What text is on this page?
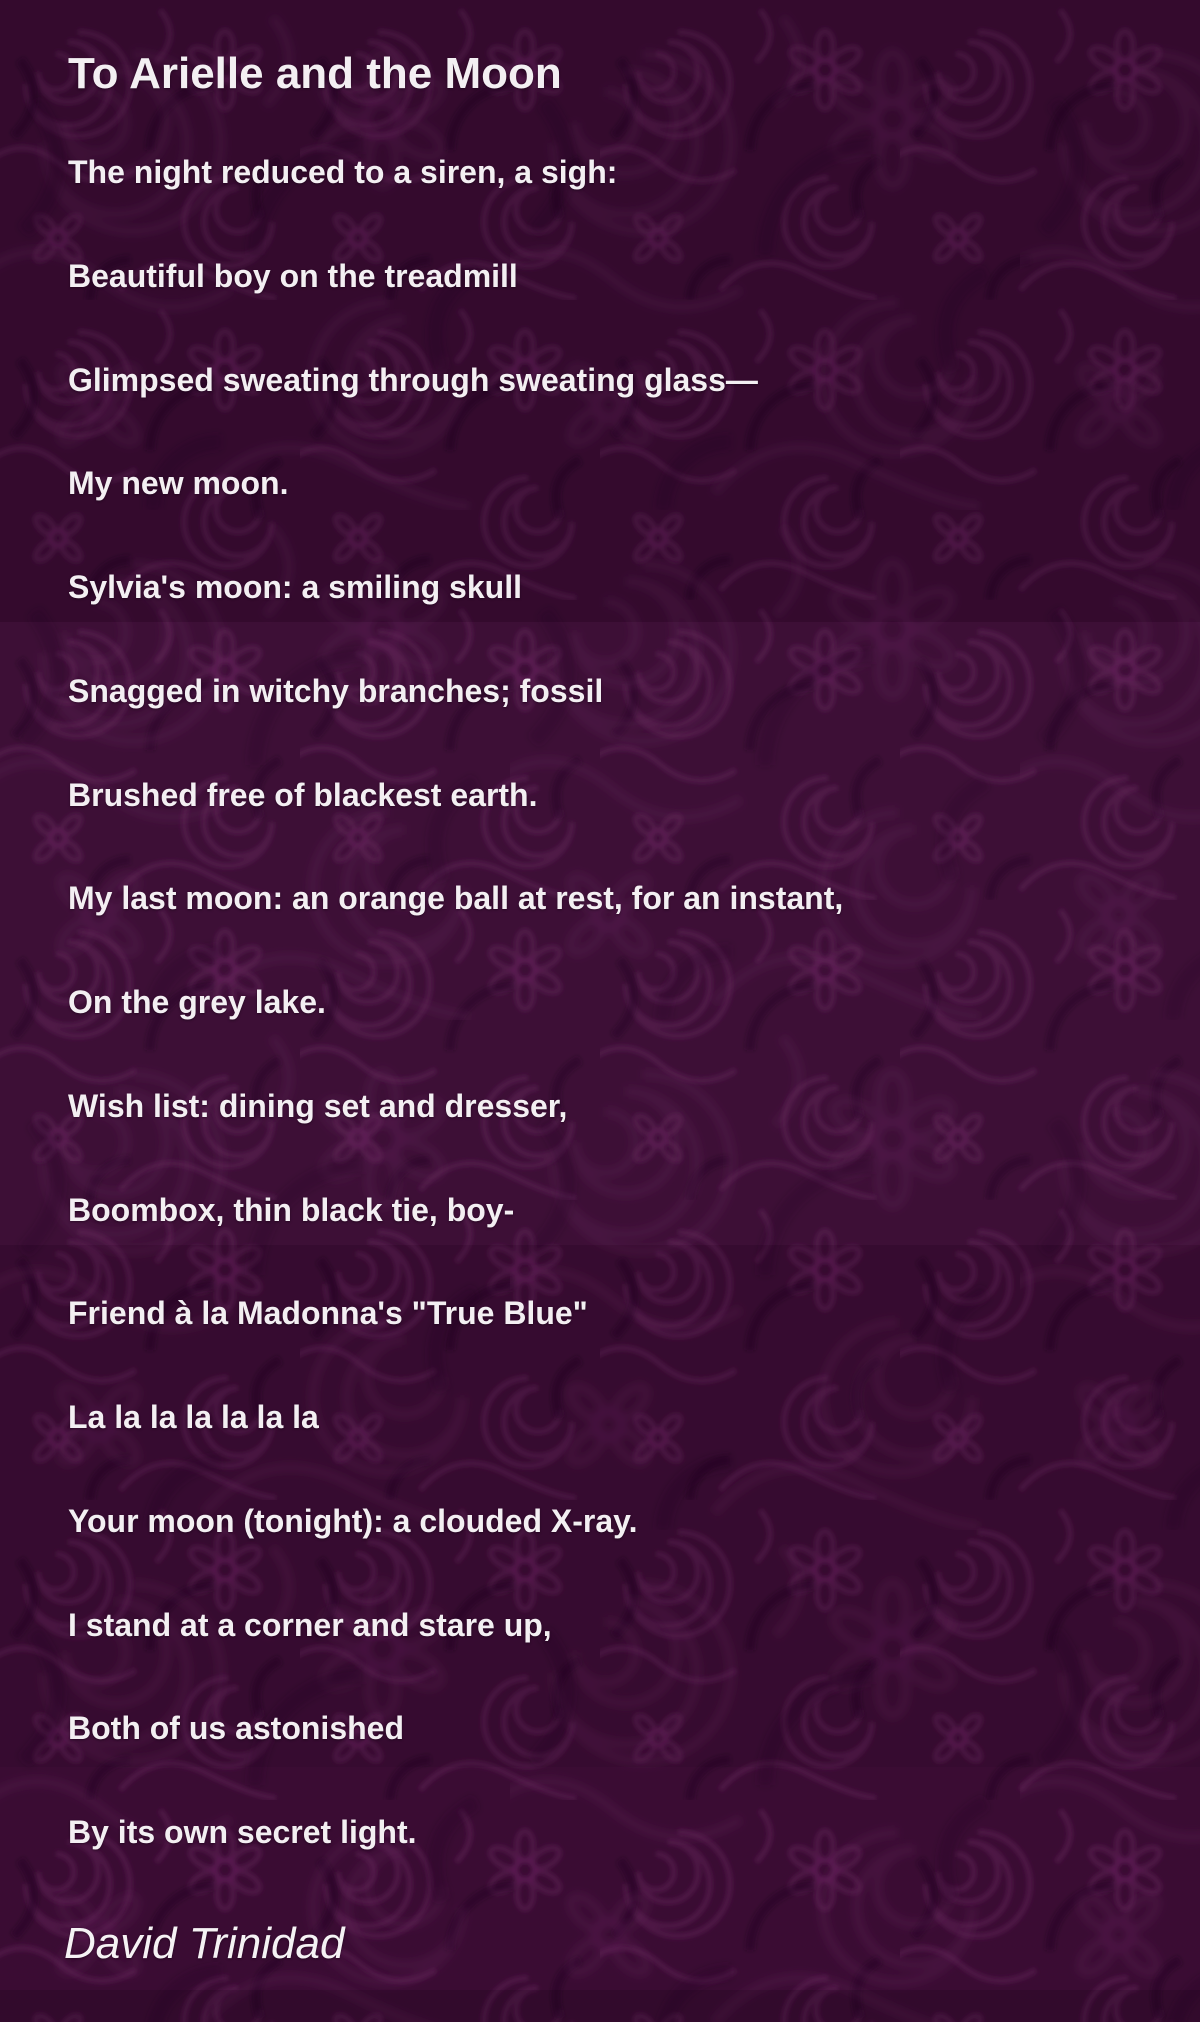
To Arielle and the Moon
The night reduced to a siren, a sigh:
Beautiful boy on the treadmill
Glimpsed sweating through sweating glass—
My new moon.
Sylvia's moon: a smiling skull
Snagged in witchy branches; fossil
Brushed free of blackest earth.
My last moon: an orange ball at rest, for an instant,
On the grey lake.
Wish list: dining set and dresser,
Boombox, thin black tie, boy-
Friend à la Madonna's "True Blue"
La la la la la la la
Your moon (tonight): a clouded X-ray.
I stand at a corner and stare up,
Both of us astonished
By its own secret light.
David Trinidad
